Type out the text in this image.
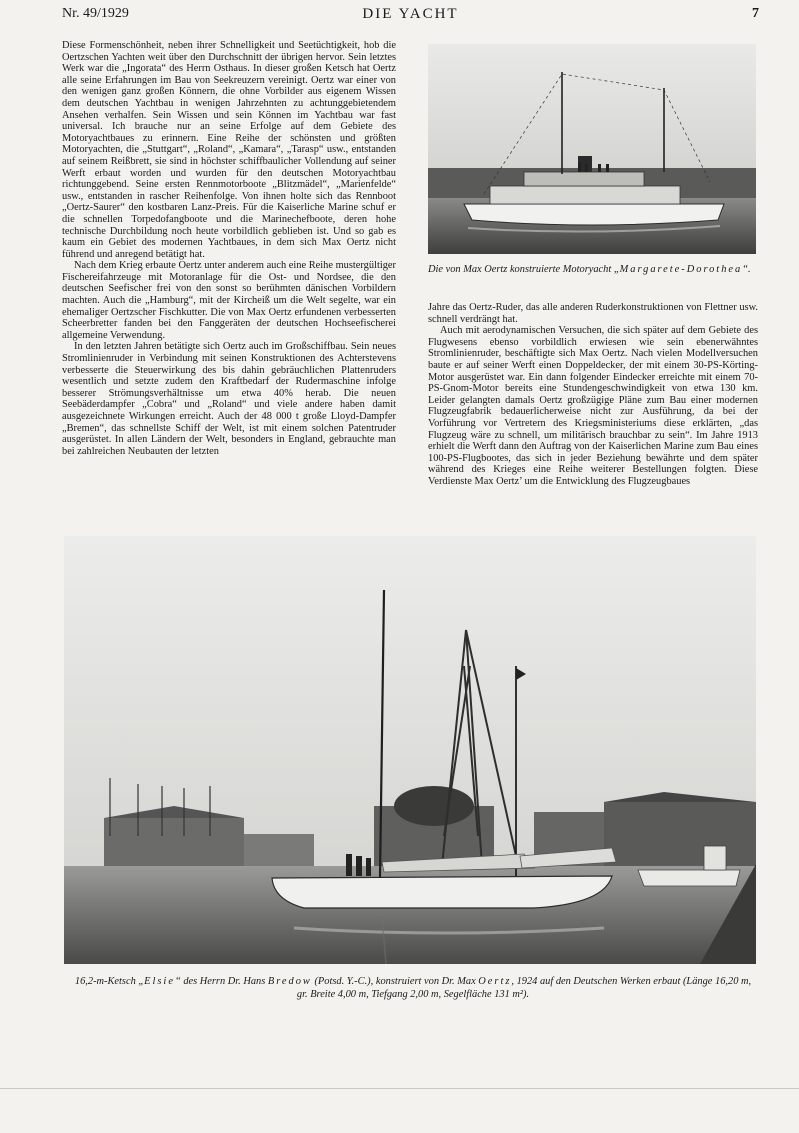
Nr. 49/1929	DIE YACHT	7

Diese Formenschönheit, neben ihrer Schnelligkeit und Seetüchtigkeit, hob die Oertzschen Yachten weit über den Durchschnitt der übrigen hervor. Sein letztes Werk war die „Ingorata“ des Herrn Osthaus. In dieser großen Ketsch hat Oertz alle seine Erfahrungen im Bau von Seekreuzern vereinigt. Oertz war einer von den wenigen ganz großen Könnern, die ohne Vorbilder aus eigenem Wissen dem deutschen Yachtbau in wenigen Jahrzehnten zu achtunggebietendem Ansehen verhalfen. Sein Wissen und sein Können im Yachtbau war fast universal. Ich brauche nur an seine Erfolge auf dem Gebiete des Motoryachtbaues zu erinnern. Eine Reihe der schönsten und größten Motoryachten, die „Stuttgart“, „Roland“, „Kamara“, „Tarasp“ usw., entstanden auf seinem Reißbrett, sie sind in höchster schiffbaulicher Vollendung auf seiner Werft erbaut worden und wurden für den deutschen Motoryachtbau richtunggebend. Seine ersten Rennmotorboote „Blitzmädel“, „Marienfelde“ usw., entstanden in rascher Reihenfolge. Von ihnen holte sich das Rennboot „Oertz-Saurer“ den kostbaren Lanz-Preis. Für die Kaiserliche Marine schuf er die schnellen Torpedofangboote und die Marinechefboote, deren hohe technische Durchbildung noch heute vorbildlich geblieben ist. Und so gab es kaum ein Gebiet des modernen Yachtbaues, in dem sich Max Oertz nicht führend und anregend betätigt hat.

Nach dem Krieg erbaute Oertz unter anderem auch eine Reihe mustergültiger Fischereifahrzeuge mit Motoranlage für die Ost- und Nordsee, die den deutschen Seefischer frei von den sonst so berühmten dänischen Vorbildern machten. Auch die „Hamburg“, mit der Kircheiß um die Welt segelte, war ein ehemaliger Oertzscher Fischkutter. Die von Max Oertz erfundenen verbesserten Scheerbretter fanden bei den Fanggeräten der deutschen Hochseefischerei allgemeine Verwendung.

In den letzten Jahren betätigte sich Oertz auch im Großschiffbau. Sein neues Stromlinienruder in Verbindung mit seinen Konstruktionen des Achterstevens verbesserte die Steuerwirkung des bis dahin gebräuchlichen Plattenruders wesentlich und setzte zudem den Kraftbedarf der Rudermaschine infolge besserer Strömungsverhältnisse um etwa 40% herab. Die neuen Seebäderdampfer „Cobra“ und „Roland“ und viele andere haben damit ausgezeichnete Wirkungen erreicht. Auch der 48 000 t große Lloyd-Dampfer „Bremen“, das schnellste Schiff der Welt, ist mit einem solchen Patentruder ausgerüstet. In allen Ländern der Welt, besonders in England, gebrauchte man bei zahlreichen Neubauten der letzten

Die von Max Oertz konstruierte Motoryacht „Margarete-Dorothea“.

Jahre das Oertz-Ruder, das alle anderen Ruderkonstruktionen von Flettner usw. schnell verdrängt hat.

Auch mit aerodynamischen Versuchen, die sich später auf dem Gebiete des Flugwesens ebenso vorbildlich erwiesen wie sein ebenerwähntes Stromlinienruder, beschäftigte sich Max Oertz. Nach vielen Modellversuchen baute er auf seiner Werft einen Doppeldecker, der mit einem 30-PS-Körting-Motor ausgerüstet war. Ein dann folgender Eindecker erreichte mit einem 70-PS-Gnom-Motor bereits eine Stundengeschwindigkeit von etwa 130 km. Leider gelangten damals Oertz großzügige Pläne zum Bau einer modernen Flugzeugfabrik bedauerlicherweise nicht zur Ausführung, da bei der Vorführung vor Vertretern des Kriegsministeriums diese erklärten, „das Flugzeug wäre zu schnell, um militärisch brauchbar zu sein“. Im Jahre 1913 erhielt die Werft dann den Auftrag von der Kaiserlichen Marine zum Bau eines 100-PS-Flugbootes, das sich in jeder Beziehung bewährte und dem später während des Krieges eine Reihe weiterer Bestellungen folgten. Diese Verdienste Max Oertz’ um die Entwicklung des Flugzeugbaues

16,2-m-Ketsch „Elsie“ des Herrn Dr. Hans Bredow (Potsd. Y.-C.), konstruiert von Dr. Max Oertz, 1924 auf den Deutschen Werken erbaut (Länge 16,20 m, gr. Breite 4,00 m, Tiefgang 2,00 m, Segelfläche 131 m²).
